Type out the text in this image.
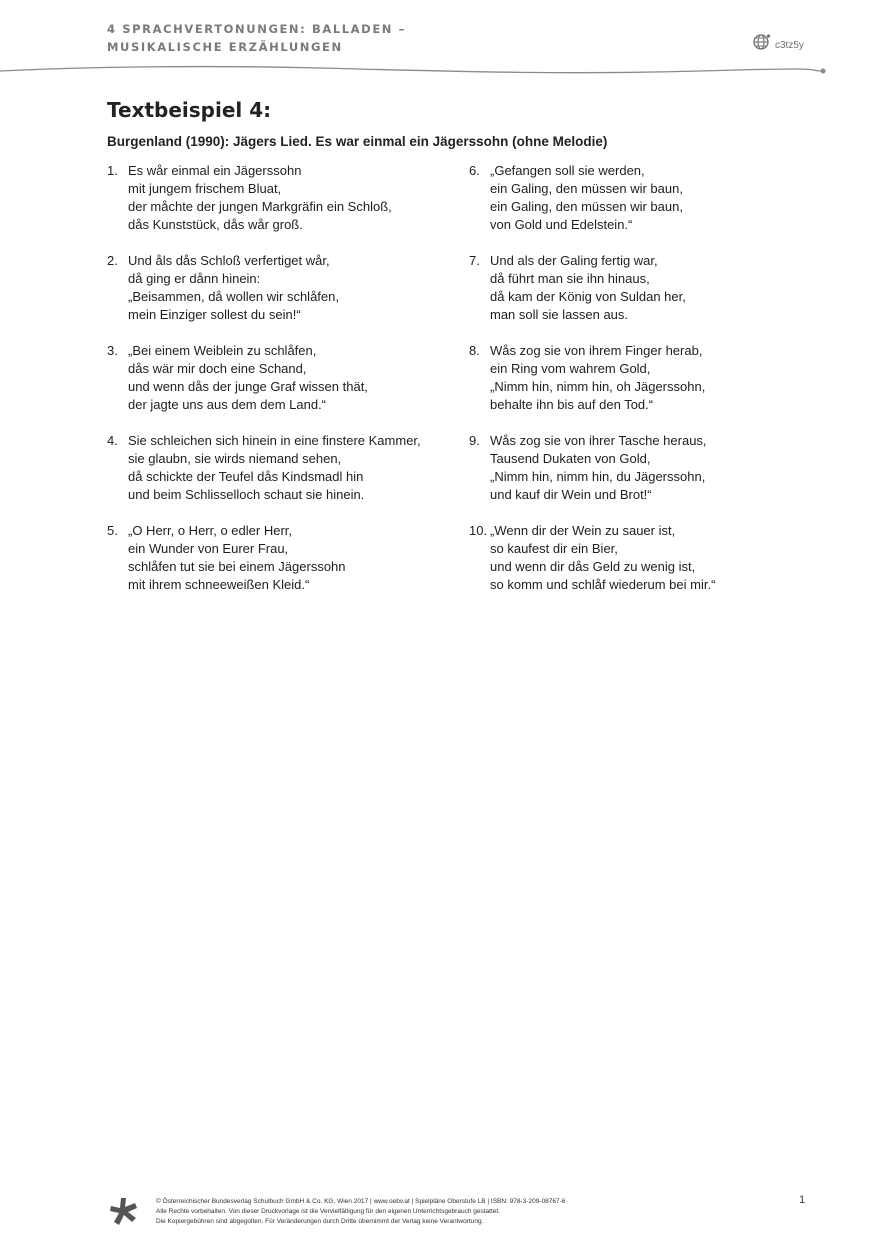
4 SPRACHVERTONUNGEN: BALLADEN –
MUSIKALISCHE ERZÄHLUNGEN	c3tz5y
Textbeispiel 4:

Burgenland (1990): Jägers Lied. Es war einmal ein Jägerssohn (ohne Melodie)

1. Es wår einmal ein Jägerssohn
mit jungem frischem Bluat,
der måchte der jungen Markgräfin ein Schloß,
dås Kunststück, dås wår groß.
2. Und åls dås Schloß verfertiget wår,
då ging er dånn hinein:
„Beisammen, då wollen wir schlåfen,
mein Einziger sollest du sein!“
3. „Bei einem Weiblein zu schlåfen,
dås wär mir doch eine Schand,
und wenn dås der junge Graf wissen thät,
der jagte uns aus dem dem Land.“
4. Sie schleichen sich hinein in eine finstere Kammer,
sie glaubn, sie wirds niemand sehen,
då schickte der Teufel dås Kindsmadl hin
und beim Schlisselloch schaut sie hinein.
5. „O Herr, o Herr, o edler Herr,
ein Wunder von Eurer Frau,
schlåfen tut sie bei einem Jägerssohn
mit ihrem schneeweißen Kleid.“
6. „Gefangen soll sie werden,
ein Galing, den müssen wir baun,
ein Galing, den müssen wir baun,
von Gold und Edelstein.“
7. Und als der Galing fertig war,
då führt man sie ihn hinaus,
då kam der König von Suldan her,
man soll sie lassen aus.
8. Wås zog sie von ihrem Finger herab,
ein Ring vom wahrem Gold,
„Nimm hin, nimm hin, oh Jägerssohn,
behalte ihn bis auf den Tod.“
9. Wås zog sie von ihrer Tasche heraus,
Tausend Dukaten von Gold,
„Nimm hin, nimm hin, du Jägerssohn,
und kauf dir Wein und Brot!“
10. „Wenn dir der Wein zu sauer ist,
so kaufest dir ein Bier,
und wenn dir dås Geld zu wenig ist,
so komm und schlåf wiederum bei mir.“
© Österreichischer Bundesverlag Schulbuch GmbH & Co. KG, Wien 2017 | www.oebv.at | Spielpläne Oberstufe LB | ISBN: 978-3-209-08767-6
Alle Rechte vorbehalten. Von dieser Druckvorlage ist die Vervielfältigung für den eigenen Unterrichtsgebrauch gestattet.
Die Kopiergebühren sind abgegolten. Für Veränderungen durch Dritte übernimmt der Verlag keine Verantwortung.
1
